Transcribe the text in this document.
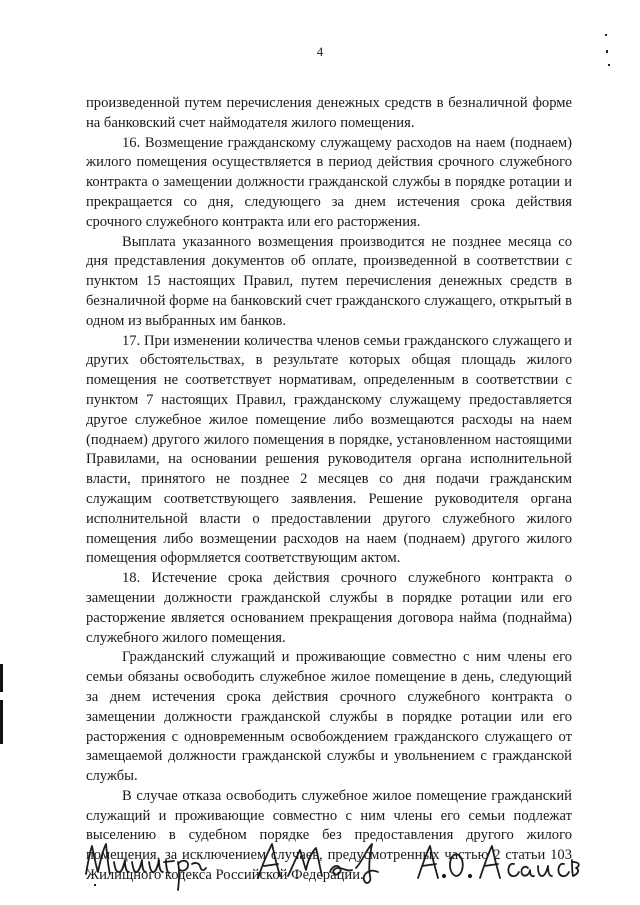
4

произведенной путем перечисления денежных средств в безналичной форме на банковский счет наймодателя жилого помещения.

16. Возмещение гражданскому служащему расходов на наем (поднаем) жилого помещения осуществляется в период действия срочного служебного контракта о замещении должности гражданской службы в порядке ротации и прекращается со дня, следующего за днем истечения срока действия срочного служебного контракта или его расторжения.

Выплата указанного возмещения производится не позднее месяца со дня представления документов об оплате, произведенной в соответствии с пунктом 15 настоящих Правил, путем перечисления денежных средств в безналичной форме на банковский счет гражданского служащего, открытый в одном из выбранных им банков.

17. При изменении количества членов семьи гражданского служащего и других обстоятельствах, в результате которых общая площадь жилого помещения не соответствует нормативам, определенным в соответствии с пунктом 7 настоящих Правил, гражданскому служащему предоставляется другое служебное жилое помещение либо возмещаются расходы на наем (поднаем) другого жилого помещения в порядке, установленном настоящими Правилами, на основании решения руководителя органа исполнительной власти, принятого не позднее 2 месяцев со дня подачи гражданским служащим соответствующего заявления. Решение руководителя органа исполнительной власти о предоставлении другого служебного жилого помещения либо возмещении расходов на наем (поднаем) другого жилого помещения оформляется соответствующим актом.

18. Истечение срока действия срочного служебного контракта о замещении должности гражданской службы в порядке ротации или его расторжение является основанием прекращения договора найма (поднайма) служебного жилого помещения.

Гражданский служащий и проживающие совместно с ним члены его семьи обязаны освободить служебное жилое помещение в день, следующий за днем истечения срока действия срочного служебного контракта о замещении должности гражданской службы в порядке ротации или его расторжения с одновременным освобождением гражданского служащего от замещаемой должности гражданской службы и увольнением с гражданской службы.

В случае отказа освободить служебное жилое помещение гражданский служащий и проживающие совместно с ним члены его семьи подлежат выселению в судебном порядке без предоставления другого жилого помещения, за исключением случаев, предусмотренных частью 2 статьи 103 Жилищного кодекса Российской Федерации.
